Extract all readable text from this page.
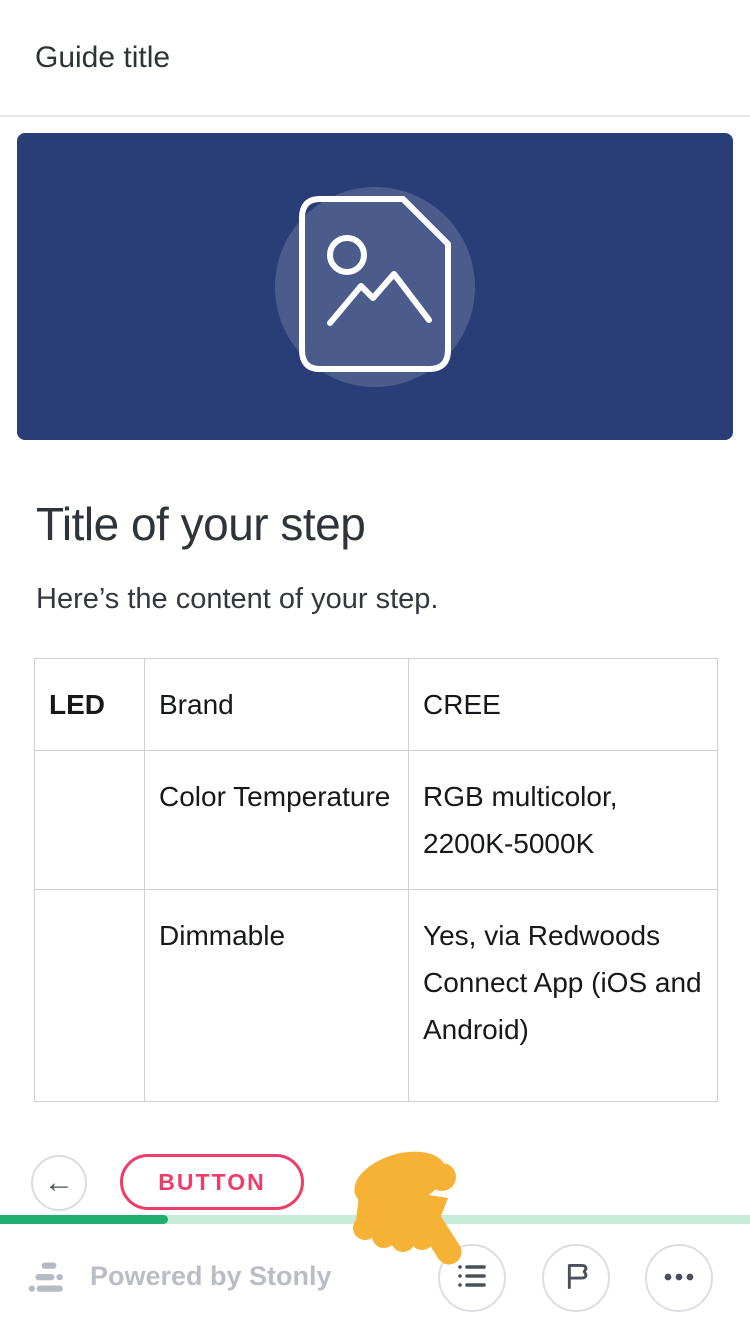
Guide title
Title of your step

Here’s the content of your step.

LED	Brand	CREE
	Color Temperature	RGB multicolor, 2200K-5000K
	Dimmable	Yes, via Redwoods Connect App (iOS and Android)
←	BUTTON
Powered by Stonly
